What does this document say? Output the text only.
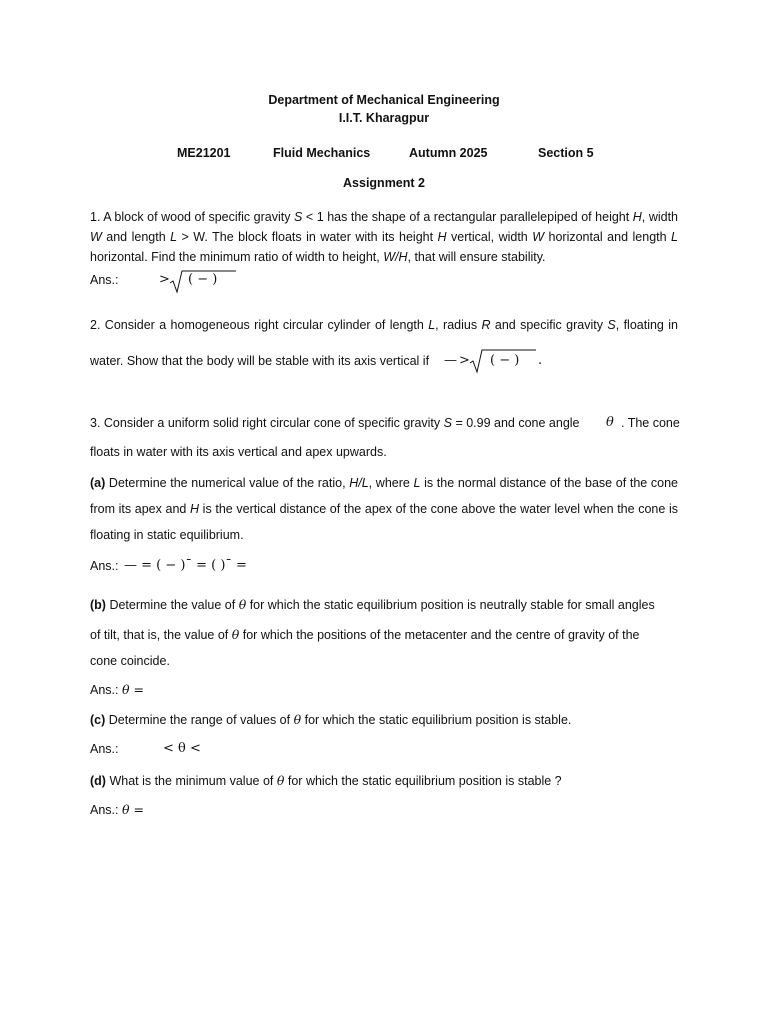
Department of Mechanical Engineering
I.I.T. Kharagpur
ME21201	Fluid Mechanics	Autumn 2025	Section 5
Assignment 2
1. A block of wood of specific gravity S < 1 has the shape of a rectangular parallelepiped of height H, width W and length L > W. The block floats in water with its height H vertical, width W horizontal and length L horizontal. Find the minimum ratio of width to height, W/H, that will ensure stability.
Ans.:	> ( − )
2. Consider a homogeneous right circular cylinder of length L, radius R and specific gravity S, floating in
water. Show that the body will be stable with its axis vertical if — > ( − ) .
3. Consider a uniform solid right circular cone of specific gravity S = 0.99 and cone angle θ . The cone
floats in water with its axis vertical and apex upwards.
(a) Determine the numerical value of the ratio, H/L, where L is the normal distance of the base of the cone from its apex and H is the vertical distance of the apex of the cone above the water level when the cone is floating in static equilibrium.
Ans.: — = ( − )ˉ = ( )ˉ =
(b) Determine the value of θ for which the static equilibrium position is neutrally stable for small angles
of tilt, that is, the value of θ for which the positions of the metacenter and the centre of gravity of the
cone coincide.
Ans.: θ =
(c) Determine the range of values of θ for which the static equilibrium position is stable.
Ans.:	< θ <
(d) What is the minimum value of θ for which the static equilibrium position is stable ?
Ans.: θ =
